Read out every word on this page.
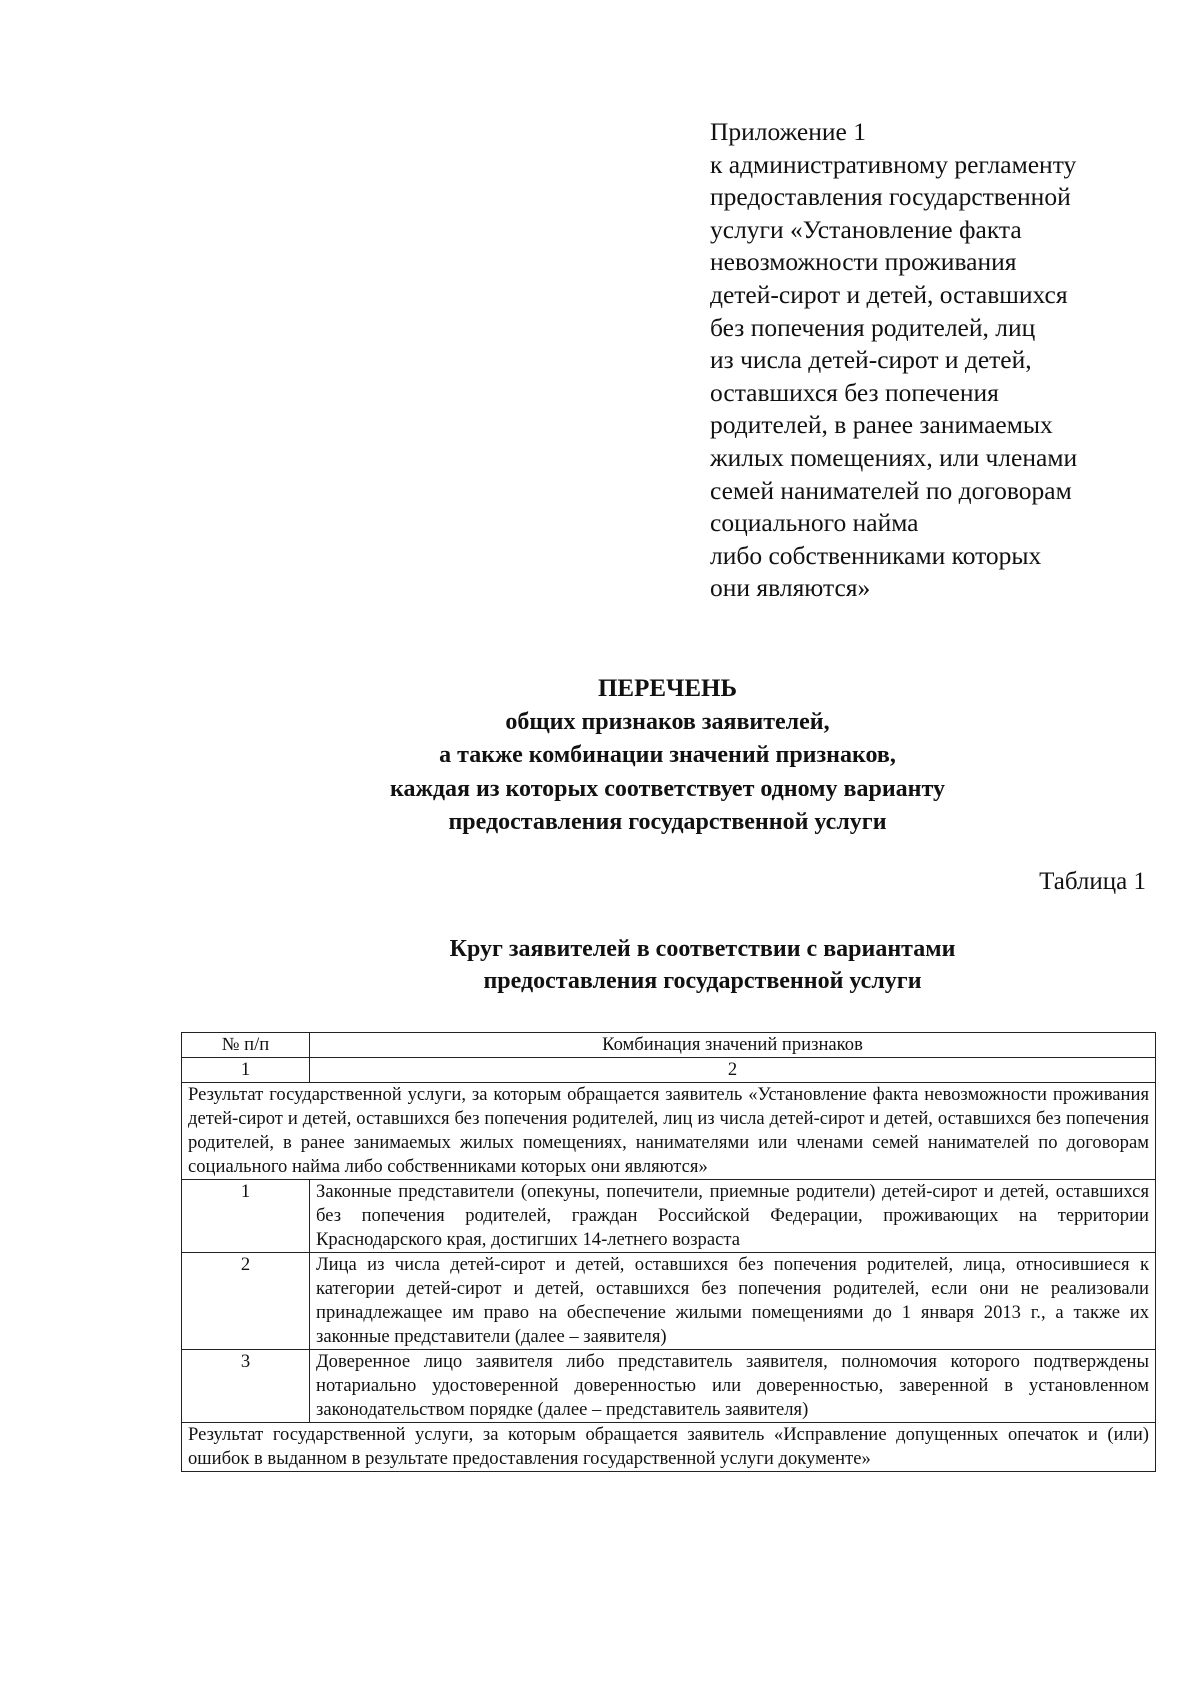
Приложение 1
к административному регламенту
предоставления государственной
услуги «Установление факта
невозможности проживания
детей-сирот и детей, оставшихся
без попечения родителей, лиц
из числа детей-сирот и детей,
оставшихся без попечения
родителей, в ранее занимаемых
жилых помещениях, или членами
семей нанимателей по договорам
социального найма
либо собственниками которых
они являются»
ПЕРЕЧЕНЬ
общих признаков заявителей,
а также комбинации значений признаков,
каждая из которых соответствует одному варианту
предоставления государственной услуги
Таблица 1
Круг заявителей в соответствии с вариантами
предоставления государственной услуги
№ п/п	Комбинация значений признаков
1	2
Результат государственной услуги, за которым обращается заявитель «Установление факта невозможности проживания детей-сирот и детей, оставшихся без попечения родителей, лиц из числа детей-сирот и детей, оставшихся без попечения родителей, в ранее занимаемых жилых помещениях, нанимателями или членами семей нанимателей по договорам социального найма либо собственниками которых они являются»	
1	Законные представители (опекуны, попечители, приемные родители) детей-сирот и детей, оставшихся без попечения родителей, граждан Российской Федерации, проживающих на территории Краснодарского края, достигших 14-летнего возраста
2	Лица из числа детей-сирот и детей, оставшихся без попечения родителей, лица, относившиеся к категории детей-сирот и детей, оставшихся без попечения родителей, если они не реализовали принадлежащее им право на обеспечение жилыми помещениями до 1 января 2013 г., а также их законные представители (далее – заявителя)
3	Доверенное лицо заявителя либо представитель заявителя, полномочия которого подтверждены нотариально удостоверенной доверенностью или доверенностью, заверенной в установленном законодательством порядке (далее – представитель заявителя)
Результат государственной услуги, за которым обращается заявитель «Исправление допущенных опечаток и (или) ошибок в выданном в результате предоставления государственной услуги документе»	
